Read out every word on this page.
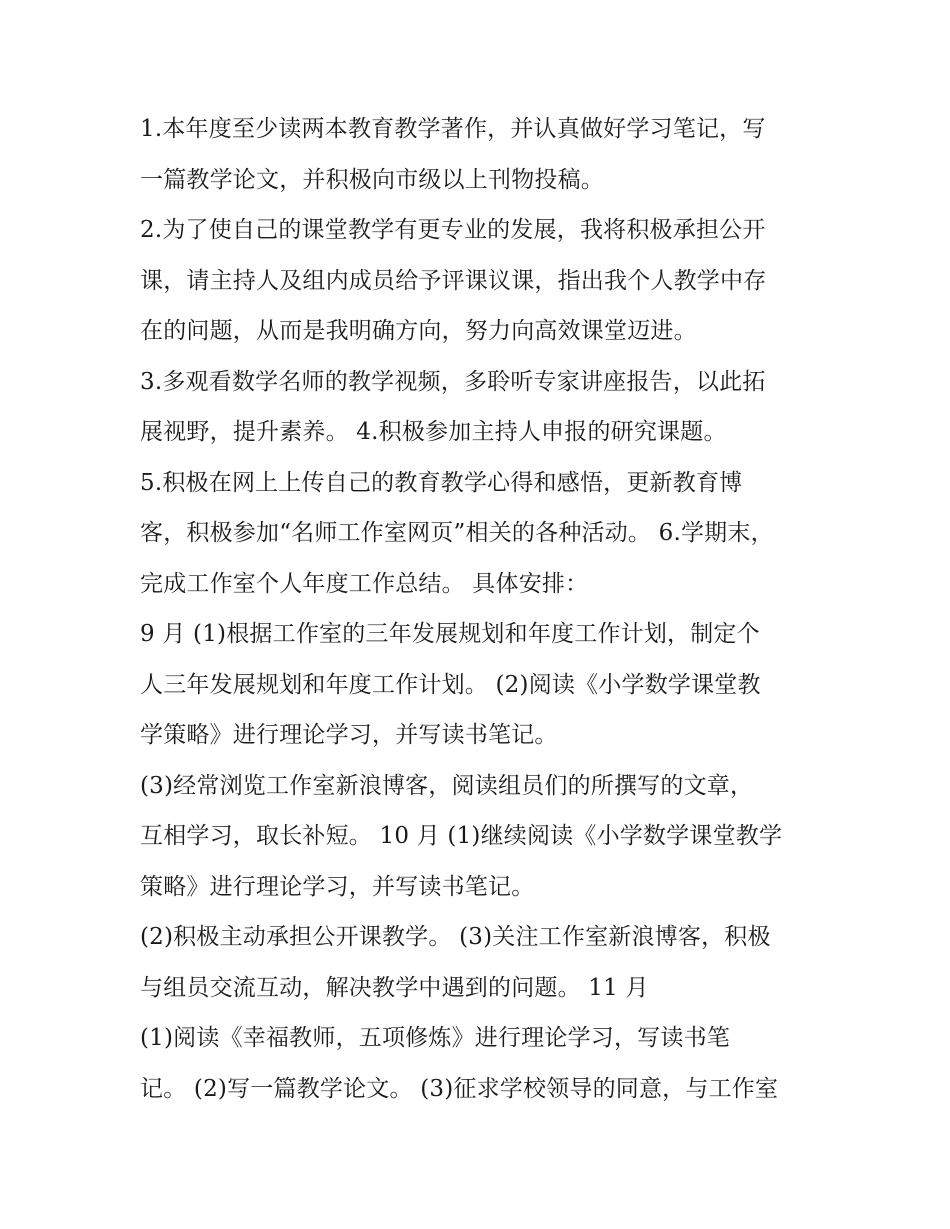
1.本年度至少读两本教育教学著作，并认真做好学习笔记，写
一篇教学论文，并积极向市级以上刊物投稿。
2.为了使自己的课堂教学有更专业的发展，我将积极承担公开
课，请主持人及组内成员给予评课议课，指出我个人教学中存
在的问题，从而是我明确方向，努力向高效课堂迈进。
3.多观看数学名师的教学视频，多聆听专家讲座报告，以此拓
展视野，提升素养。 4.积极参加主持人申报的研究课题。
5.积极在网上上传自己的教育教学心得和感悟，更新教育博
客，积极参加“名师工作室网页”相关的各种活动。 6.学期末，
完成工作室个人年度工作总结。 具体安排：
9 月 (1)根据工作室的三年发展规划和年度工作计划，制定个
人三年发展规划和年度工作计划。 (2)阅读《小学数学课堂教
学策略》进行理论学习，并写读书笔记。
(3)经常浏览工作室新浪博客，阅读组员们的所撰写的文章，
互相学习，取长补短。 10 月 (1)继续阅读《小学数学课堂教学
策略》进行理论学习，并写读书笔记。
(2)积极主动承担公开课教学。 (3)关注工作室新浪博客，积极
与组员交流互动，解决教学中遇到的问题。 11 月
(1)阅读《幸福教师，五项修炼》进行理论学习，写读书笔
记。 (2)写一篇教学论文。 (3)征求学校领导的同意，与工作室
